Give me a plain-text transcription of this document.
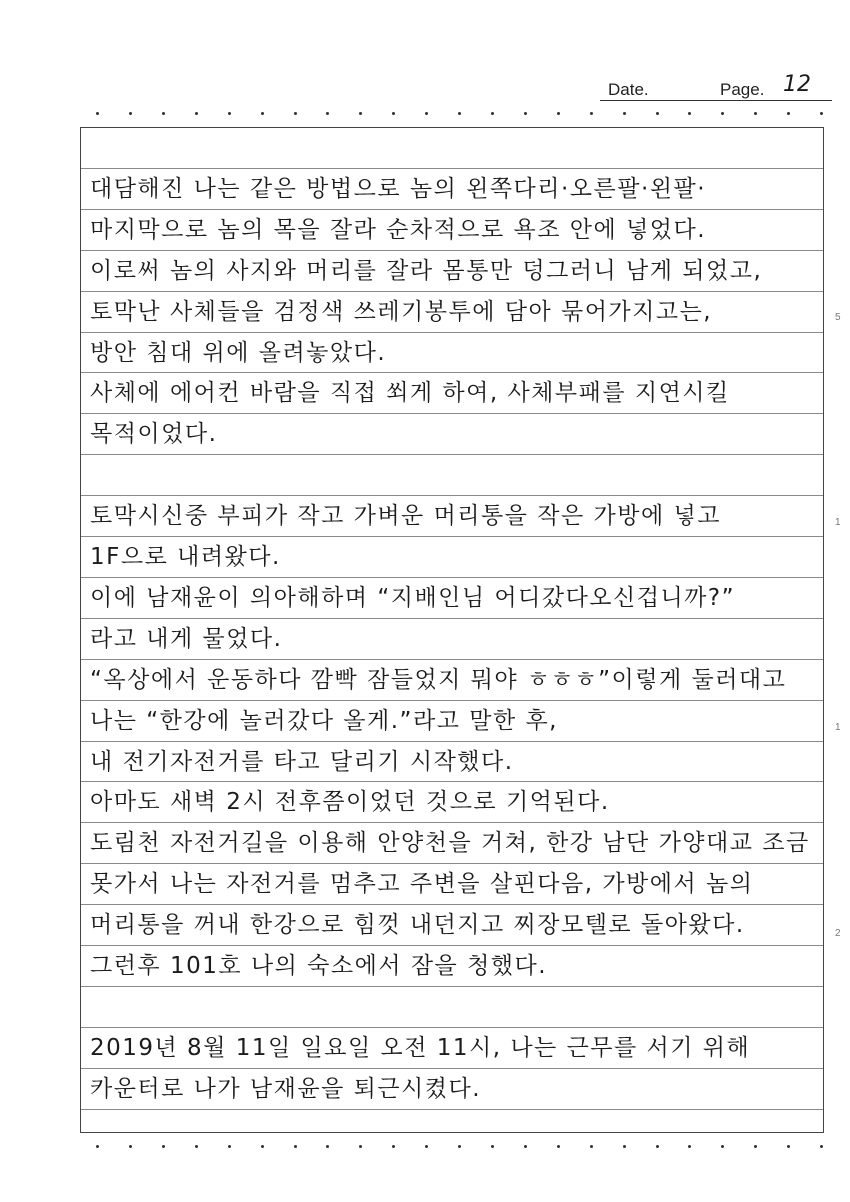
Date.	Page. 12
대담해진 나는 같은 방법으로 놈의 왼쪽다리·오른팔·왼팔·
마지막으로 놈의 목을 잘라 순차적으로 욕조 안에 넣었다.
이로써 놈의 사지와 머리를 잘라 몸통만 덩그러니 남게 되었고,
토막난 사체들을 검정색 쓰레기봉투에 담아 묶어가지고는,
방안 침대 위에 올려놓았다.
사체에 에어컨 바람을 직접 쐬게 하여, 사체부패를 지연시킬
목적이었다.
토막시신중 부피가 작고 가벼운 머리통을 작은 가방에 넣고
1F으로 내려왔다.
이에 남재윤이 의아해하며 “지배인님 어디갔다오신겁니까?”
라고 내게 물었다.
“옥상에서 운동하다 깜빡 잠들었지 뭐야 ㅎㅎㅎ”이렇게 둘러대고
나는 “한강에 놀러갔다 올게.”라고 말한 후,
내 전기자전거를 타고 달리기 시작했다.
아마도 새벽 2시 전후쯤이었던 것으로 기억된다.
도림천 자전거길을 이용해 안양천을 거쳐, 한강 남단 가양대교 조금
못가서 나는 자전거를 멈추고 주변을 살핀다음, 가방에서 놈의
머리통을 꺼내 한강으로 힘껏 내던지고 찌장모텔로 돌아왔다.
그런후 101호 나의 숙소에서 잠을 청했다.
2019년 8월 11일 일요일 오전 11시, 나는 근무를 서기 위해
카운터로 나가 남재윤을 퇴근시켰다.
5
1
1
2
